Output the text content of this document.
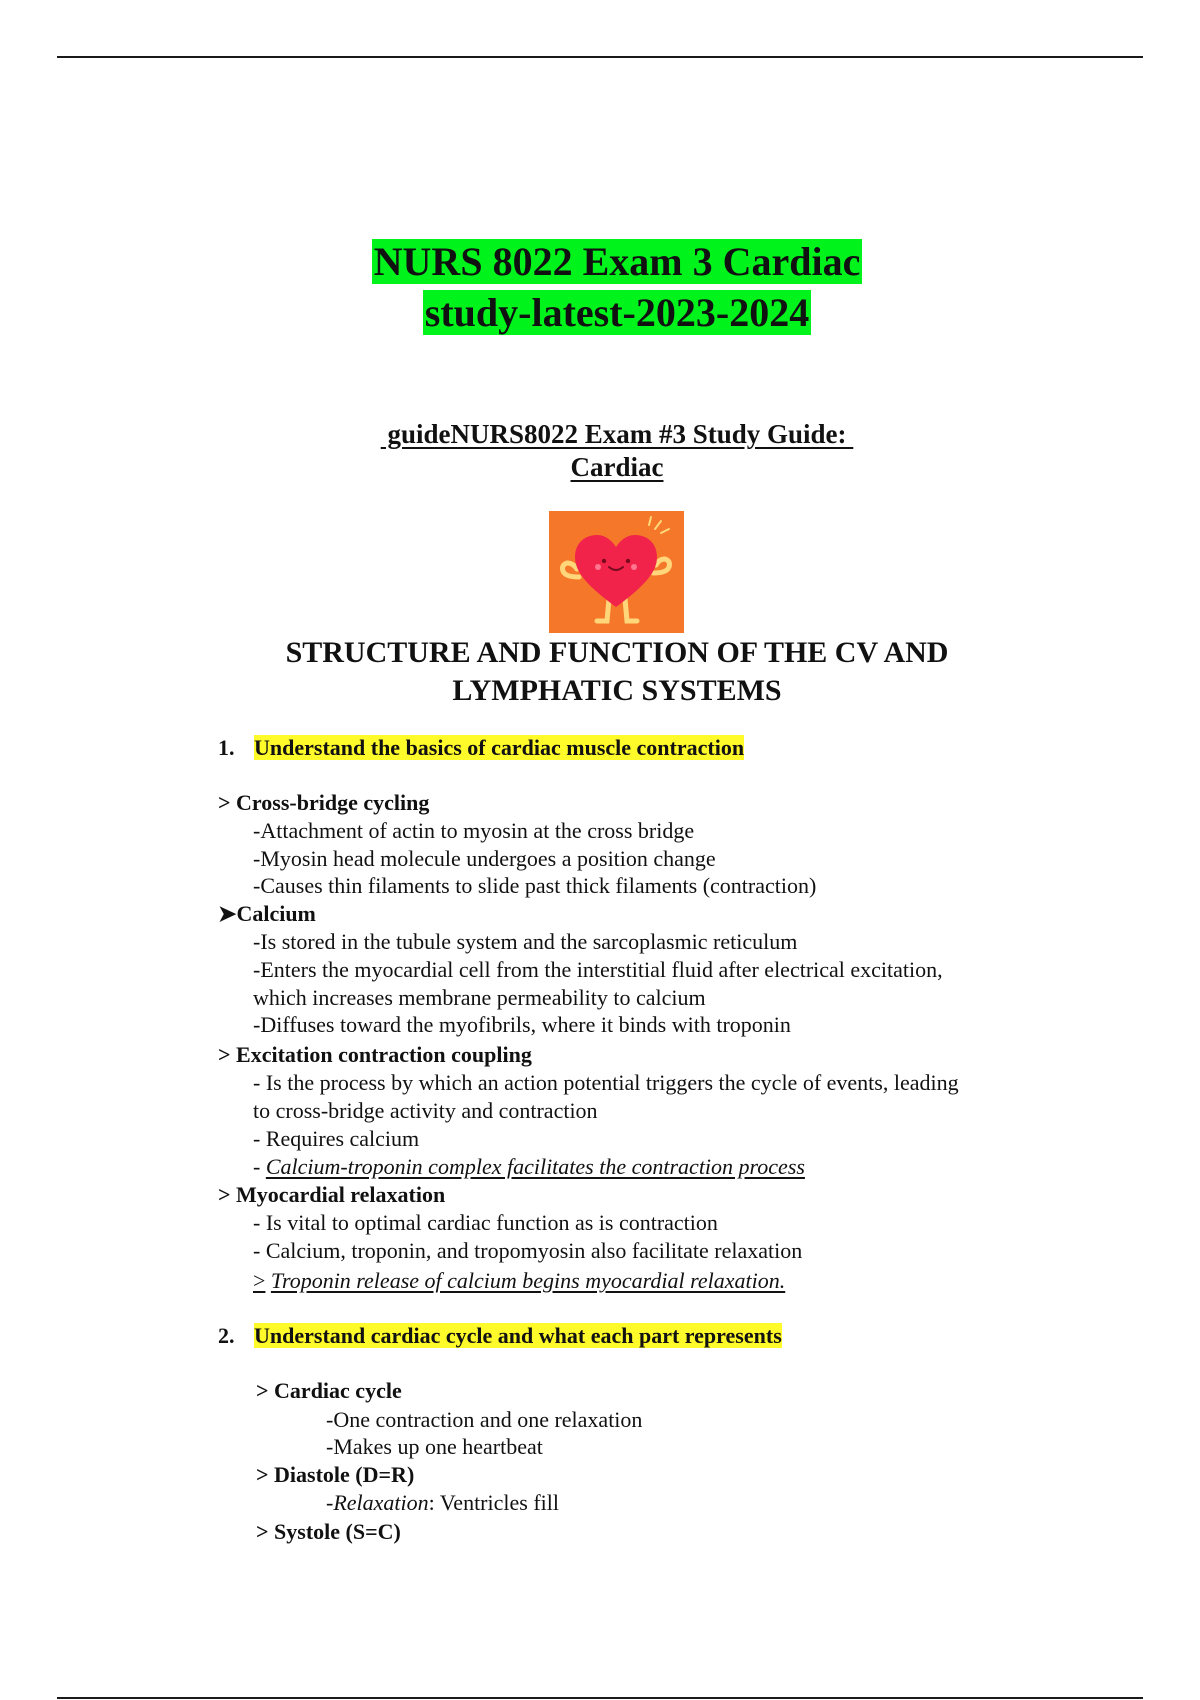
NURS 8022 Exam 3 Cardiac
study-latest-2023-2024
guideNURS8022 Exam #3 Study Guide:
Cardiac
STRUCTURE AND FUNCTION OF THE CV AND
LYMPHATIC SYSTEMS
1. Understand the basics of cardiac muscle contraction
> Cross-bridge cycling
-Attachment of actin to myosin at the cross bridge
-Myosin head molecule undergoes a position change
-Causes thin filaments to slide past thick filaments (contraction)
➤Calcium
-Is stored in the tubule system and the sarcoplasmic reticulum
-Enters the myocardial cell from the interstitial fluid after electrical excitation,
which increases membrane permeability to calcium
-Diffuses toward the myofibrils, where it binds with troponin
> Excitation contraction coupling
- Is the process by which an action potential triggers the cycle of events, leading
to cross-bridge activity and contraction
- Requires calcium
- Calcium-troponin complex facilitates the contraction process
> Myocardial relaxation
- Is vital to optimal cardiac function as is contraction
- Calcium, troponin, and tropomyosin also facilitate relaxation
> Troponin release of calcium begins myocardial relaxation.
2. Understand cardiac cycle and what each part represents
> Cardiac cycle
-One contraction and one relaxation
-Makes up one heartbeat
> Diastole (D=R)
-Relaxation: Ventricles fill
> Systole (S=C)
